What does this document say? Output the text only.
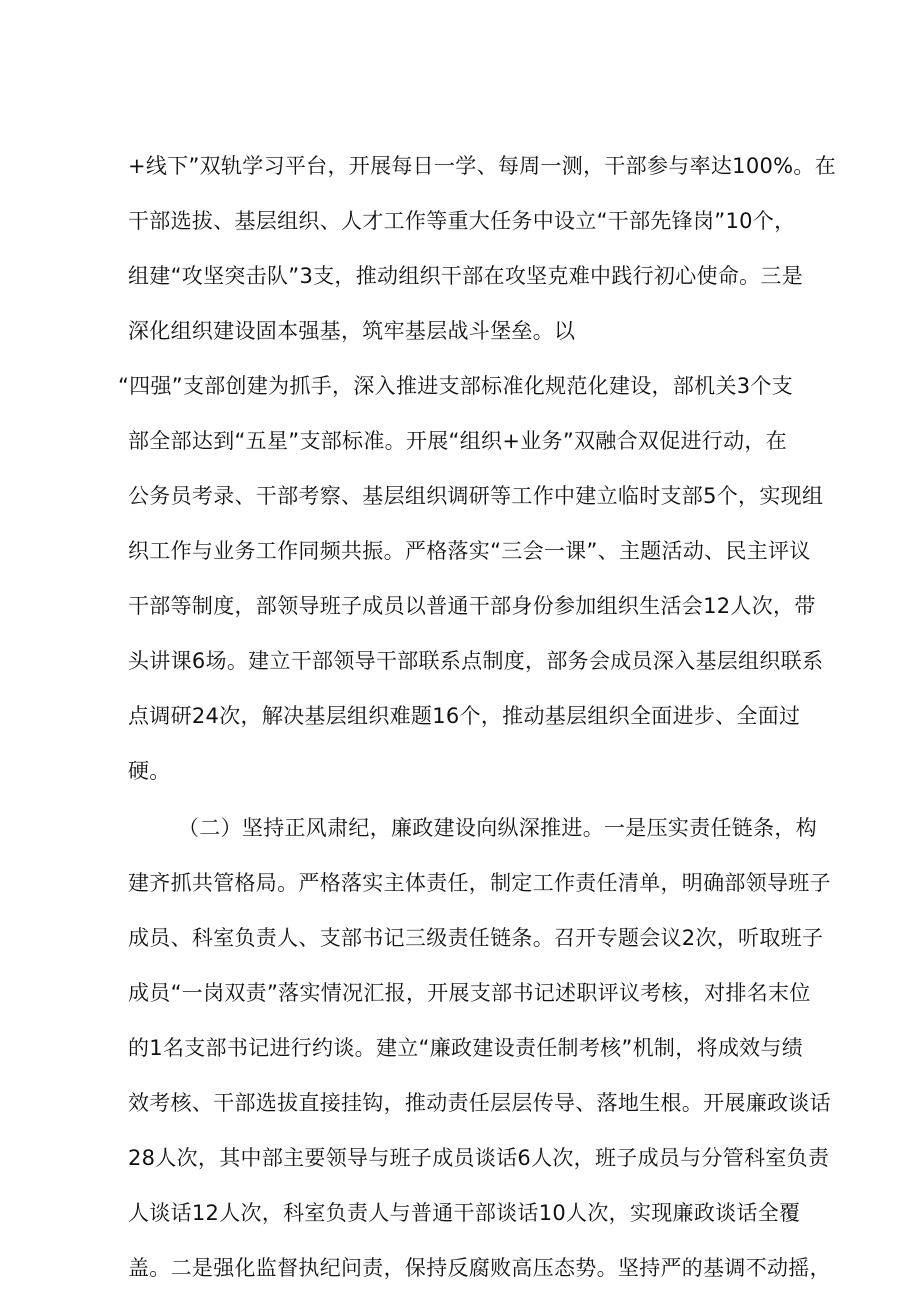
+线下”双轨学习平台，开展每日一学、每周一测，干部参与率达100%。在
干部选拔、基层组织、人才工作等重大任务中设立“干部先锋岗”10个，
组建“攻坚突击队”3支，推动组织干部在攻坚克难中践行初心使命。三是
深化组织建设固本强基，筑牢基层战斗堡垒。以
“四强”支部创建为抓手，深入推进支部标准化规范化建设，部机关3个支
部全部达到“五星”支部标准。开展“组织+业务”双融合双促进行动，在
公务员考录、干部考察、基层组织调研等工作中建立临时支部5个，实现组
织工作与业务工作同频共振。严格落实“三会一课”、主题活动、民主评议
干部等制度，部领导班子成员以普通干部身份参加组织生活会12人次，带
头讲课6场。建立干部领导干部联系点制度，部务会成员深入基层组织联系
点调研24次，解决基层组织难题16个，推动基层组织全面进步、全面过
硬。
（二）坚持正风肃纪，廉政建设向纵深推进。一是压实责任链条，构
建齐抓共管格局。严格落实主体责任，制定工作责任清单，明确部领导班子
成员、科室负责人、支部书记三级责任链条。召开专题会议2次，听取班子
成员“一岗双责”落实情况汇报，开展支部书记述职评议考核，对排名末位
的1名支部书记进行约谈。建立“廉政建设责任制考核”机制，将成效与绩
效考核、干部选拔直接挂钩，推动责任层层传导、落地生根。开展廉政谈话
28人次，其中部主要领导与班子成员谈话6人次，班子成员与分管科室负责
人谈话12人次，科室负责人与普通干部谈话10人次，实现廉政谈话全覆
盖。二是强化监督执纪问责，保持反腐败高压态势。坚持严的基调不动摇，
